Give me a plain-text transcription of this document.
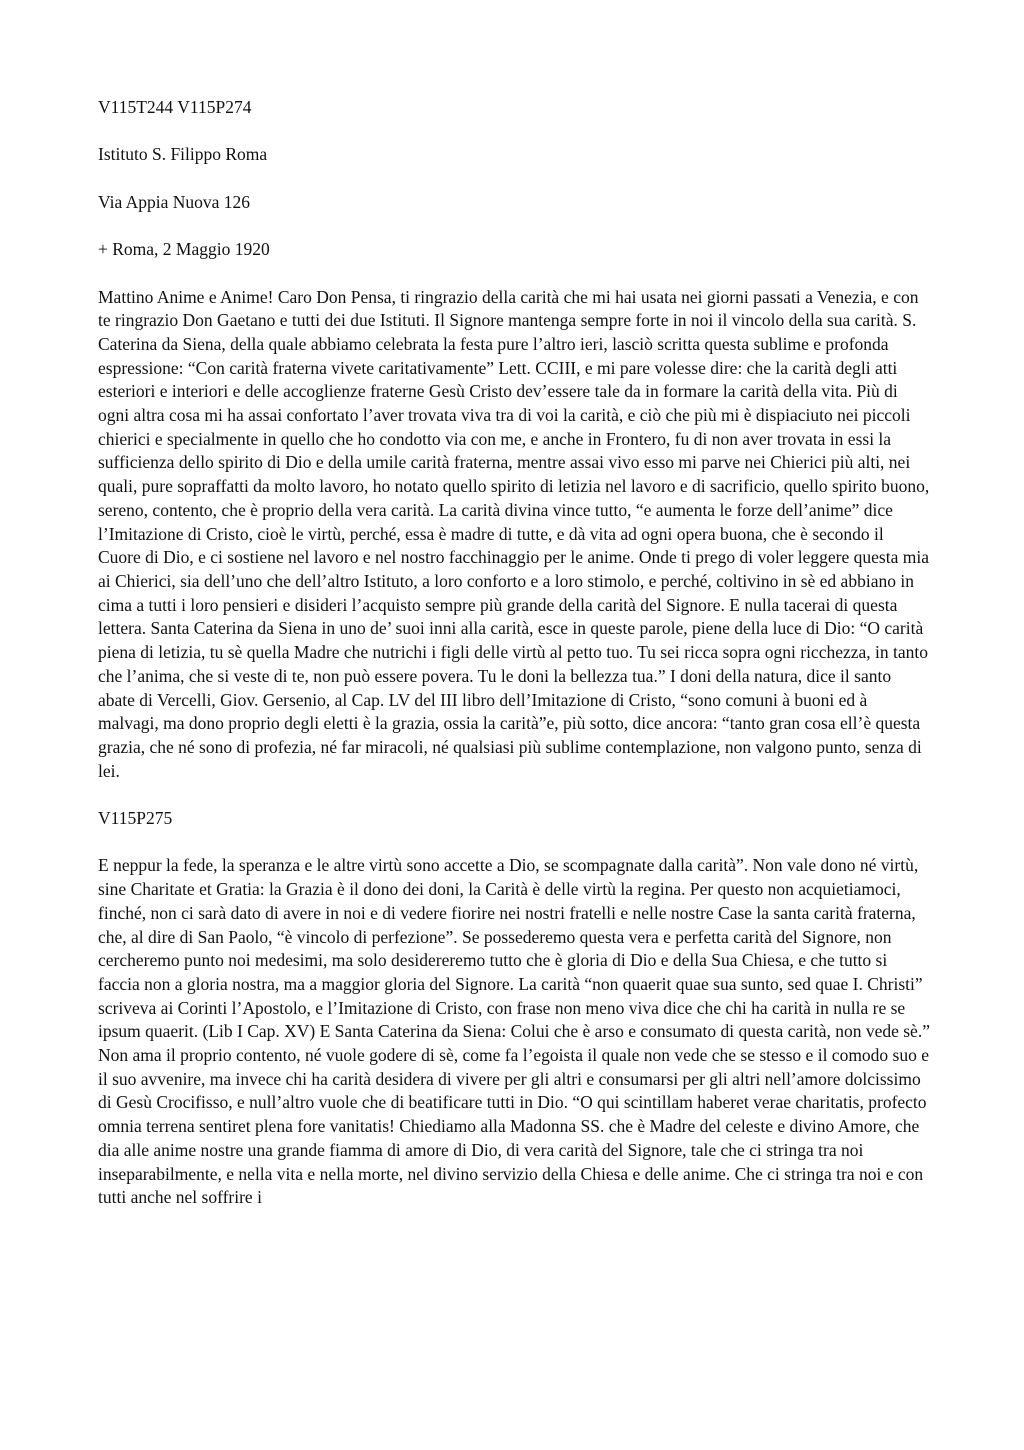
V115T244 V115P274

Istituto S. Filippo Roma

Via Appia Nuova 126

+ Roma, 2 Maggio 1920

Mattino Anime e Anime! Caro Don Pensa, ti ringrazio della carità che mi hai usata nei giorni passati a Venezia, e con te ringrazio Don Gaetano e tutti dei due Istituti. Il Signore mantenga sempre forte in noi il vincolo della sua carità. S. Caterina da Siena, della quale abbiamo celebrata la festa pure l’altro ieri, lasciò scritta questa sublime e profonda espressione: “Con carità fraterna vivete caritativamente” Lett. CCIII, e mi pare volesse dire: che la carità degli atti esteriori e interiori e delle accoglienze fraterne Gesù Cristo dev’essere tale da in formare la carità della vita. Più di ogni altra cosa mi ha assai confortato l’aver trovata viva tra di voi la carità, e ciò che più mi è dispiaciuto nei piccoli chierici e specialmente in quello che ho condotto via con me, e anche in Frontero, fu di non aver trovata in essi la sufficienza dello spirito di Dio e della umile carità fraterna, mentre assai vivo esso mi parve nei Chierici più alti, nei quali, pure sopraffatti da molto lavoro, ho notato quello spirito di letizia nel lavoro e di sacrificio, quello spirito buono, sereno, contento, che è proprio della vera carità. La carità divina vince tutto, “e aumenta le forze dell’anime” dice l’Imitazione di Cristo, cioè le virtù, perché, essa è madre di tutte, e dà vita ad ogni opera buona, che è secondo il Cuore di Dio, e ci sostiene nel lavoro e nel nostro facchinaggio per le anime. Onde ti prego di voler leggere questa mia ai Chierici, sia dell’uno che dell’altro Istituto, a loro conforto e a loro stimolo, e perché, coltivino in sè ed abbiano in cima a tutti i loro pensieri e disideri l’acquisto sempre più grande della carità del Signore. E nulla tacerai di questa lettera. Santa Caterina da Siena in uno de’ suoi inni alla carità, esce in queste parole, piene della luce di Dio: “O carità piena di letizia, tu sè quella Madre che nutrichi i figli delle virtù al petto tuo. Tu sei ricca sopra ogni ricchezza, in tanto che l’anima, che si veste di te, non può essere povera. Tu le doni la bellezza tua.” I doni della natura, dice il santo abate di Vercelli, Giov. Gersenio, al Cap. LV del III libro dell’Imitazione di Cristo, “sono comuni à buoni ed à malvagi, ma dono proprio degli eletti è la grazia, ossia la carità”e, più sotto, dice ancora: “tanto gran cosa ell’è questa grazia, che né sono di profezia, né far miracoli, né qualsiasi più sublime contemplazione, non valgono punto, senza di lei.

V115P275

E neppur la fede, la speranza e le altre virtù sono accette a Dio, se scompagnate dalla carità”. Non vale dono né virtù, sine Charitate et Gratia: la Grazia è il dono dei doni, la Carità è delle virtù la regina. Per questo non acquietiamoci, finché, non ci sarà dato di avere in noi e di vedere fiorire nei nostri fratelli e nelle nostre Case la santa carità fraterna, che, al dire di San Paolo, “è vincolo di perfezione”. Se possederemo questa vera e perfetta carità del Signore, non cercheremo punto noi medesimi, ma solo desidereremo tutto che è gloria di Dio e della Sua Chiesa, e che tutto si faccia non a gloria nostra, ma a maggior gloria del Signore. La carità “non quaerit quae sua sunto, sed quae I. Christi” scriveva ai Corinti l’Apostolo, e l’Imitazione di Cristo, con frase non meno viva dice che chi ha carità in nulla re se ipsum quaerit. (Lib I Cap. XV) E Santa Caterina da Siena: Colui che è arso e consumato di questa carità, non vede sè.” Non ama il proprio contento, né vuole godere di sè, come fa l’egoista il quale non vede che se stesso e il comodo suo e il suo avvenire, ma invece chi ha carità desidera di vivere per gli altri e consumarsi per gli altri nell’amore dolcissimo di Gesù Crocifisso, e null’altro vuole che di beatificare tutti in Dio. “O qui scintillam haberet verae charitatis, profecto omnia terrena sentiret plena fore vanitatis! Chiediamo alla Madonna SS. che è Madre del celeste e divino Amore, che dia alle anime nostre una grande fiamma di amore di Dio, di vera carità del Signore, tale che ci stringa tra noi inseparabilmente, e nella vita e nella morte, nel divino servizio della Chiesa e delle anime. Che ci stringa tra noi e con tutti anche nel soffrire i
